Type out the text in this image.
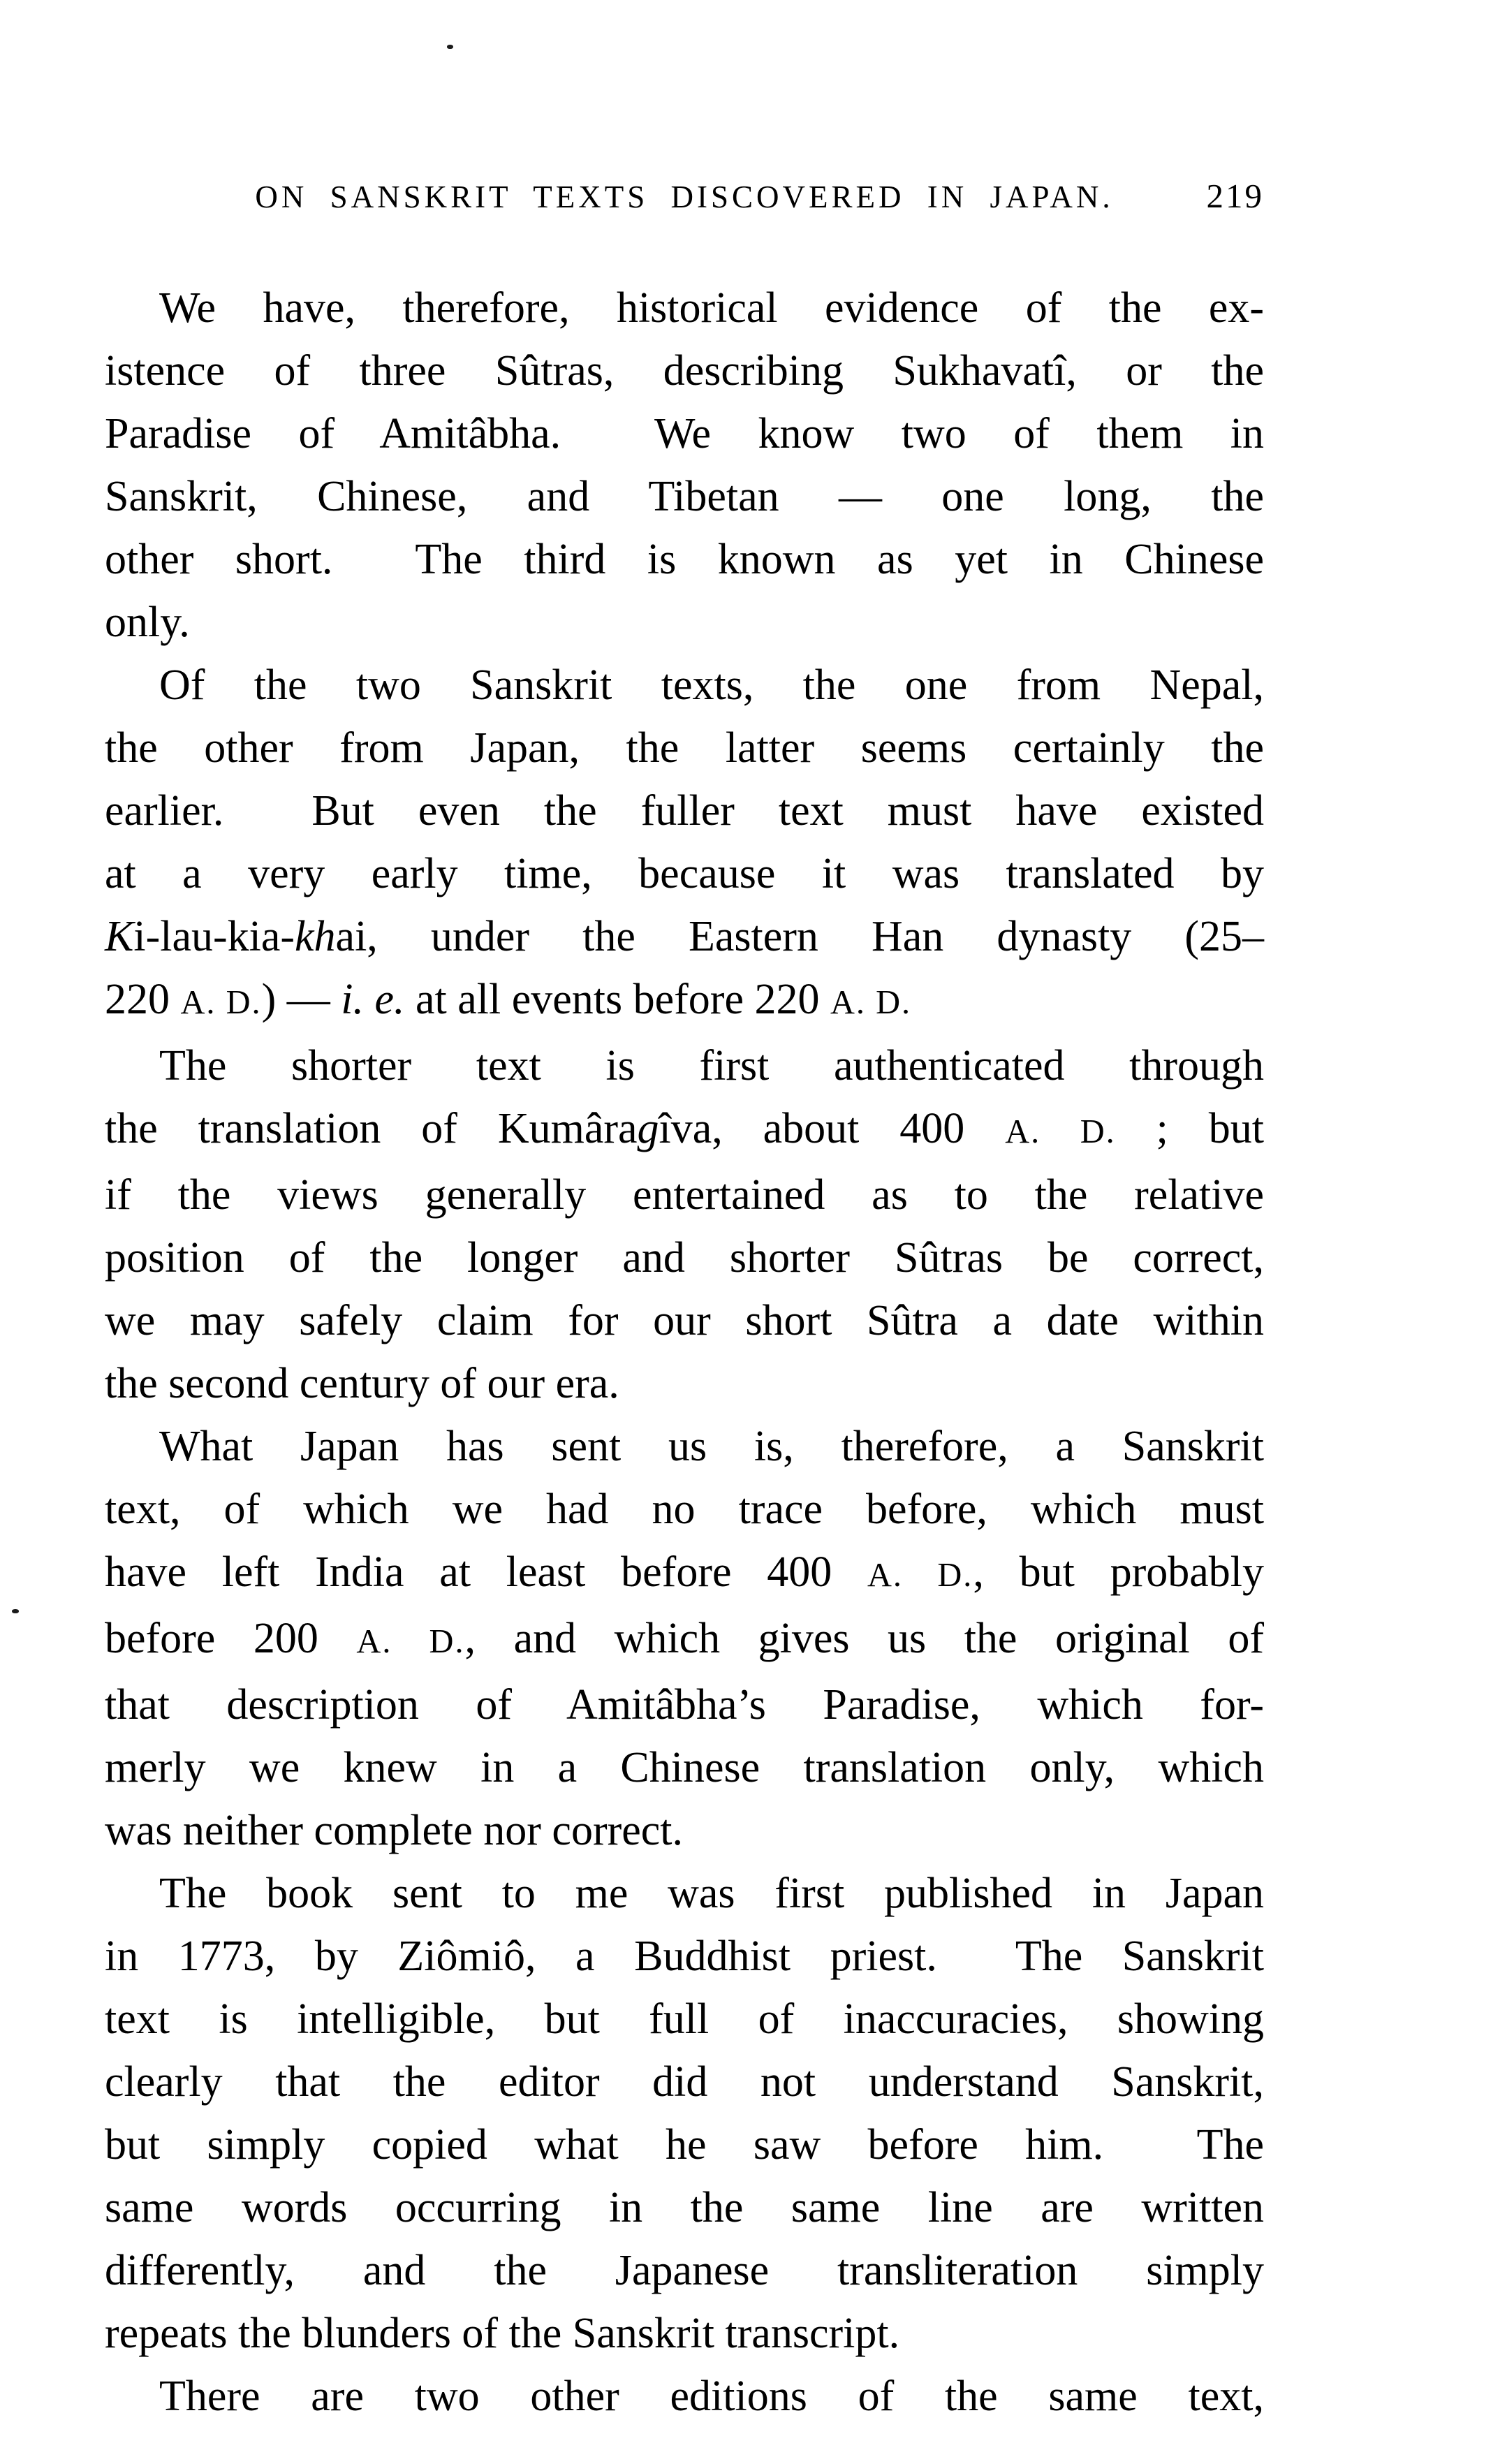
ON SANSKRIT TEXTS DISCOVERED IN JAPAN.	219
We have, therefore, historical evidence of the ex-
istence of three Sûtras, describing Sukhavatî, or the
Paradise of Amitâbha.  We know two of them in
Sanskrit, Chinese, and Tibetan — one long, the
other short.  The third is known as yet in Chinese
only.
Of the two Sanskrit texts, the one from Nepal,
the other from Japan, the latter seems certainly the
earlier.  But even the fuller text must have existed
at a very early time, because it was translated by
Ki-lau-kia-khai, under the Eastern Han dynasty (25–
220 A. D.) — i. e. at all events before 220 A. D.
The shorter text is first authenticated through
the translation of Kumâragîva, about 400 A. D. ; but
if the views generally entertained as to the relative
position of the longer and shorter Sûtras be correct,
we may safely claim for our short Sûtra a date within
the second century of our era.
What Japan has sent us is, therefore, a Sanskrit
text, of which we had no trace before, which must
have left India at least before 400 A. D., but probably
before 200 A. D., and which gives us the original of
that description of Amitâbha’s Paradise, which for-
merly we knew in a Chinese translation only, which
was neither complete nor correct.
The book sent to me was first published in Japan
in 1773, by Ziômiô, a Buddhist priest.  The Sanskrit
text is intelligible, but full of inaccuracies, showing
clearly that the editor did not understand Sanskrit,
but simply copied what he saw before him.  The
same words occurring in the same line are written
differently, and the Japanese transliteration simply
repeats the blunders of the Sanskrit transcript.
There are two other editions of the same text,
